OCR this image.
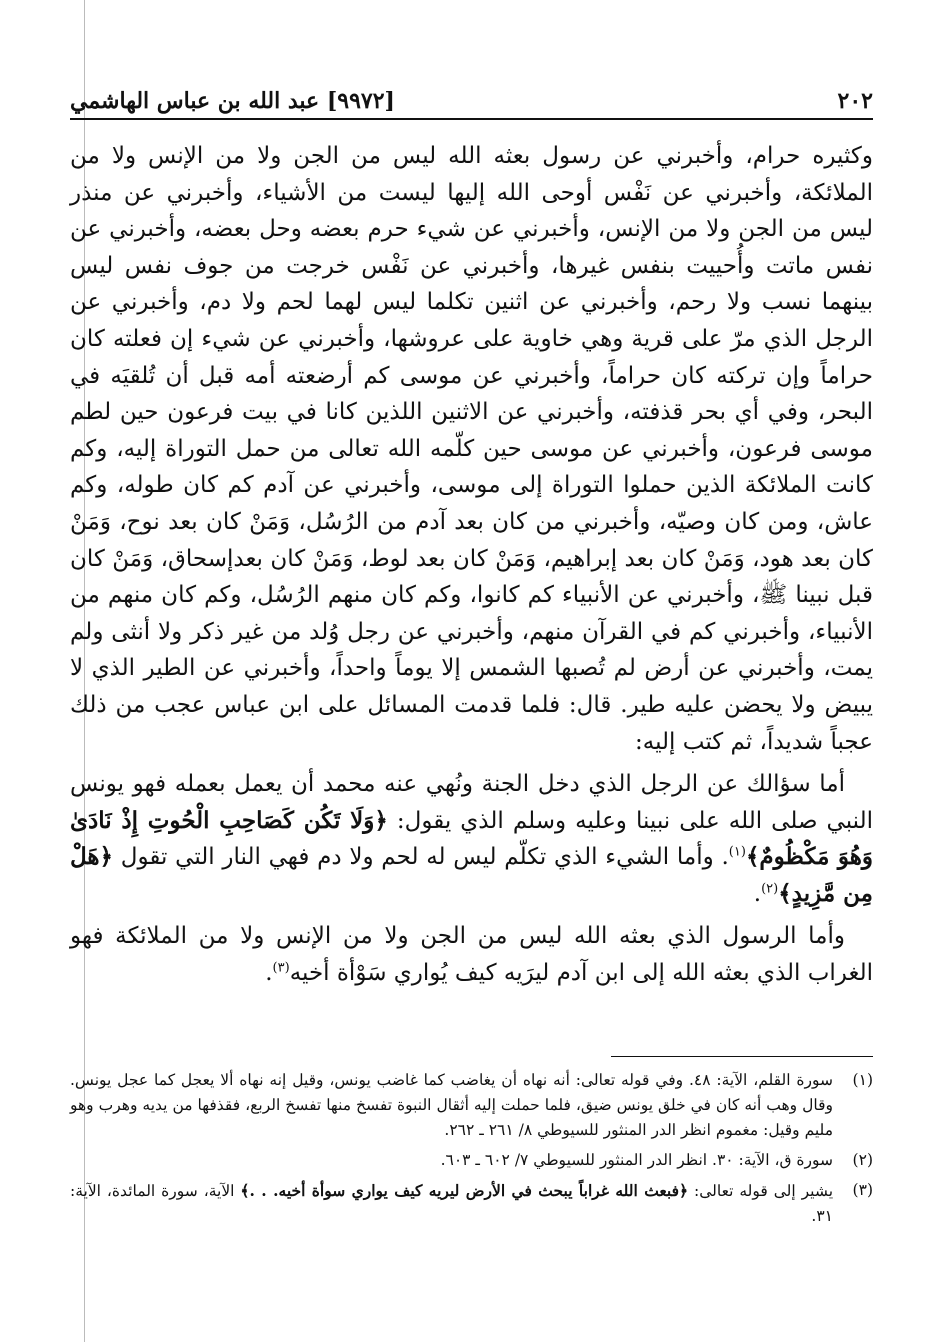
٢٠٢
[٩٩٧٢] عبد الله بن عباس الهاشمي

وكثيره حرام، وأخبرني عن رسول بعثه الله ليس من الجن ولا من الإنس ولا من الملائكة، وأخبرني عن نَفْس أوحى الله إليها ليست من الأشياء، وأخبرني عن منذر ليس من الجن ولا من الإنس، وأخبرني عن شيء حرم بعضه وحل بعضه، وأخبرني عن نفس ماتت وأُحييت بنفس غيرها، وأخبرني عن نَفْس خرجت من جوف نفس ليس بينهما نسب ولا رحم، وأخبرني عن اثنين تكلما ليس لهما لحم ولا دم، وأخبرني عن الرجل الذي مرّ على قرية وهي خاوية على عروشها، وأخبرني عن شيء إن فعلته كان حراماً وإن تركته كان حراماً، وأخبرني عن موسى كم أرضعته أمه قبل أن تُلقيَه في البحر، وفي أي بحر قذفته، وأخبرني عن الاثنين اللذين كانا في بيت فرعون حين لطم موسى فرعون، وأخبرني عن موسى حين كلّمه الله تعالى من حمل التوراة إليه، وكم كانت الملائكة الذين حملوا التوراة إلى موسى، وأخبرني عن آدم كم كان طوله، وكم عاش، ومن كان وصيّه، وأخبرني من كان بعد آدم من الرُسُل، وَمَنْ كان بعد نوح، وَمَنْ كان بعد هود، وَمَنْ كان بعد إبراهيم، وَمَنْ كان بعد لوط، وَمَنْ كان بعدإسحاق، وَمَنْ كان قبل نبينا ﷺ، وأخبرني عن الأنبياء كم كانوا، وكم كان منهم الرُسُل، وكم كان منهم من الأنبياء، وأخبرني كم في القرآن منهم، وأخبرني عن رجل وُلد من غير ذكر ولا أنثى ولم يمت، وأخبرني عن أرض لم تُصبها الشمس إلا يوماً واحداً، وأخبرني عن الطير الذي لا يبيض ولا يحضن عليه طير. قال: فلما قدمت المسائل على ابن عباس عجب من ذلك عجباً شديداً، ثم كتب إليه:

أما سؤالك عن الرجل الذي دخل الجنة ونُهي عنه محمد أن يعمل بعمله فهو يونس النبي صلى الله على نبينا وعليه وسلم الذي يقول: ﴿وَلَا تَكُن كَصَاحِبِ الْحُوتِ إِذْ نَادَىٰ وَهُوَ مَكْظُومٌ﴾$^{(١)}$. وأما الشيء الذي تكلّم ليس له لحم ولا دم فهي النار التي تقول ﴿هَلْ مِن مَّزِيدٍ﴾$^{(٢)}$.

وأما الرسول الذي بعثه الله ليس من الجن ولا من الإنس ولا من الملائكة فهو الغراب الذي بعثه الله إلى ابن آدم ليرَيه كيف يُواري سَوْأة أخيه$^{(٣)}$.

(١)
سورة القلم، الآية: ٤٨. وفي قوله تعالى: أنه نهاه أن يغاضب كما غاضب يونس، وقيل إنه نهاه ألا يعجل كما عجل يونس. وقال وهب أنه كان في خلق يونس ضيق، فلما حملت إليه أثقال النبوة تفسخ منها تفسخ الربع، فقذفها من يديه وهرب وهو مليم وقيل: مغموم انظر الدر المنثور للسيوطي ٨/ ٢٦١ ـ ٢٦٢.
(٢)
سورة ق، الآية: ٣٠. انظر الدر المنثور للسيوطي ٧/ ٦٠٢ ـ ٦٠٣.
(٣)
يشير إلى قوله تعالى: ﴿فبعث الله غراباً يبحث في الأرض ليريه كيف يواري سوأة أخيه. . .﴾ الآية، سورة المائدة، الآية: ٣١.
